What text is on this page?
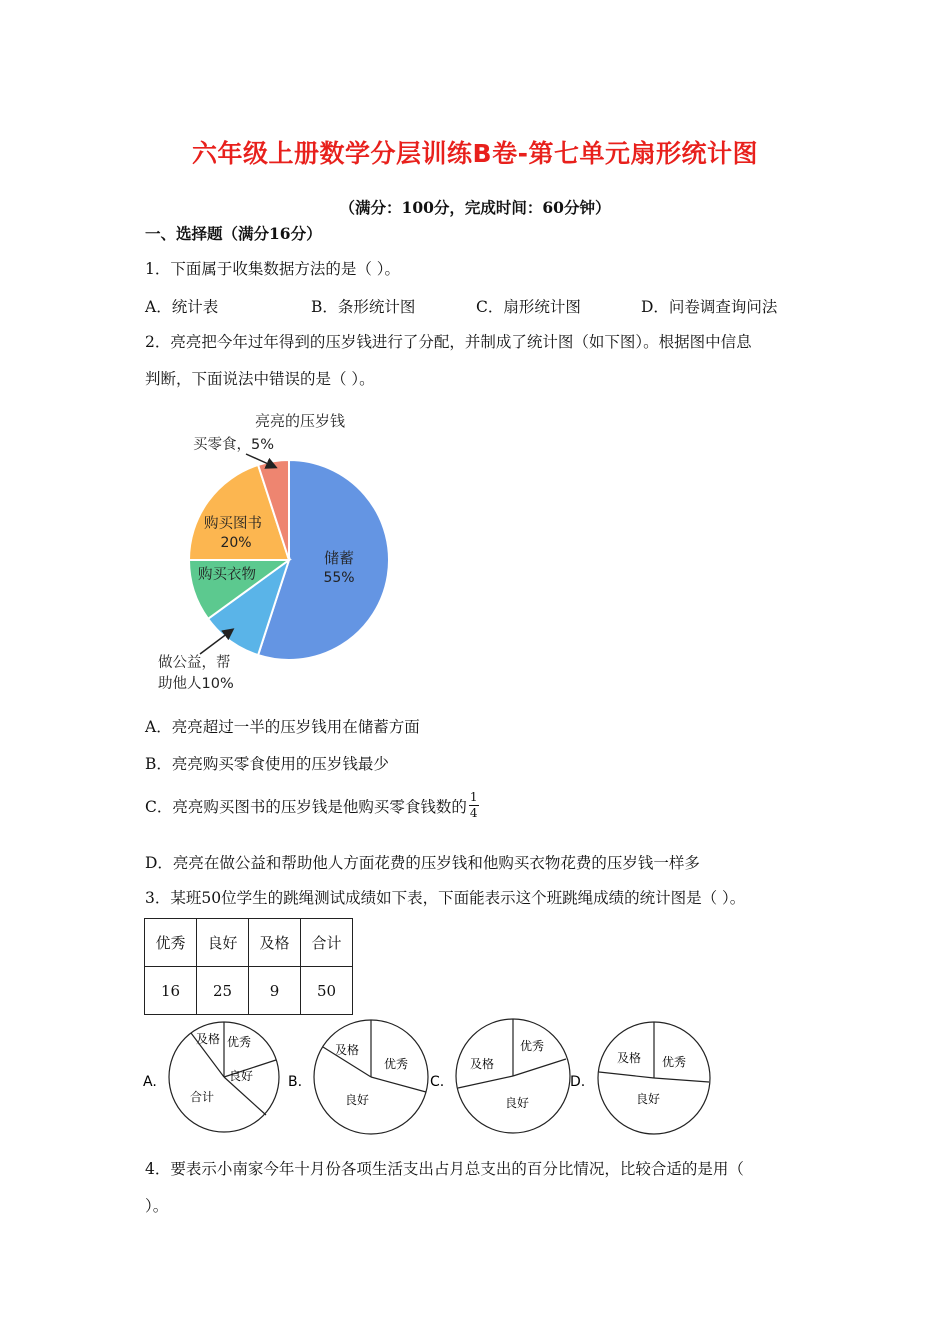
六年级上册数学分层训练B卷-第七单元扇形统计图
（满分：100分，完成时间：60分钟）
一、选择题（满分16分）
1．下面属于收集数据方法的是（ ）。
A．统计表	B．条形统计图	C．扇形统计图	D．问卷调查询问法
2．亮亮把今年过年得到的压岁钱进行了分配，并制成了统计图（如下图）。根据图中信息
判断，下面说法中错误的是（ ）。
亮亮的压岁钱
买零食，5%
购买图书
20%
购买衣物
储蓄
55%
做公益，帮
助他人10%
A．亮亮超过一半的压岁钱用在储蓄方面
B．亮亮购买零食使用的压岁钱最少
C．亮亮购买图书的压岁钱是他购买零食钱数的 $\frac{1}{4}$
D．亮亮在做公益和帮助他人方面花费的压岁钱和他购买衣物花费的压岁钱一样多
3．某班50位学生的跳绳测试成绩如下表，下面能表示这个班跳绳成绩的统计图是（ ）。
优秀	良好	及格	合计
16	25	9	50
A.
及格 优秀
良好
合计
B.
及格
优秀
良好
C.
及格
优秀
良好
D.
及格 优秀
良好
4．要表示小南家今年十月份各项生活支出占月总支出的百分比情况，比较合适的是用（
）。
